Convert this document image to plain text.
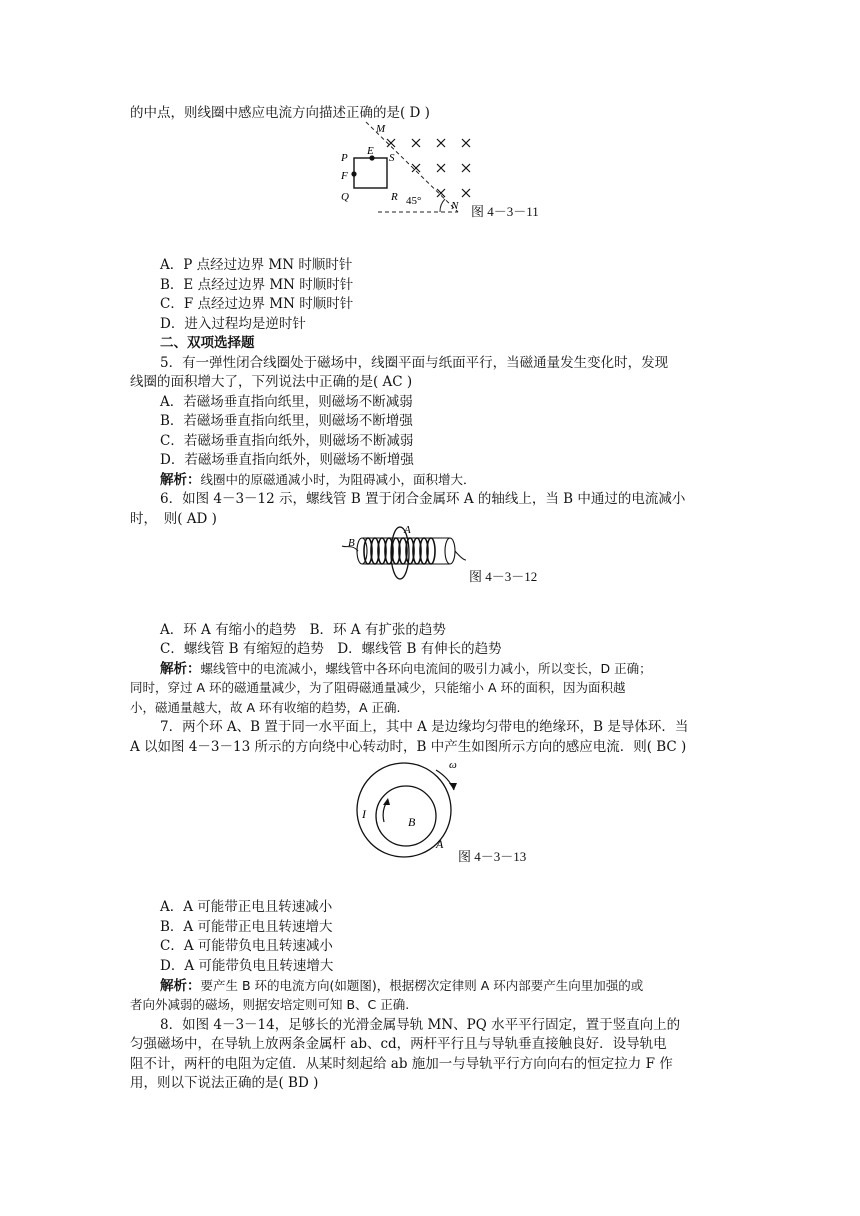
的中点，则线圈中感应电流方向描述正确的是( D )
M
E
S
P
F
Q	R
N
45°
图 4－3－11
A．P 点经过边界 MN 时顺时针
B．E 点经过边界 MN 时顺时针
C．F 点经过边界 MN 时顺时针
D．进入过程均是逆时针
二、双项选择题
5．有一弹性闭合线圈处于磁场中，线圈平面与纸面平行，当磁通量发生变化时，发现
线圈的面积增大了，下列说法中正确的是( AC )
A．若磁场垂直指向纸里，则磁场不断减弱
B．若磁场垂直指向纸里，则磁场不断增强
C．若磁场垂直指向纸外，则磁场不断减弱
D．若磁场垂直指向纸外，则磁场不断增强
解析：线圈中的原磁通减小时，为阻碍减小，面积增大．
6．如图 4－3－12 示，螺线管 B 置于闭合金属环 A 的轴线上，当 B 中通过的电流减小
时，　则( AD )
A
B
图 4－3－12
A．环 A 有缩小的趋势　B．环 A 有扩张的趋势
C．螺线管 B 有缩短的趋势　D．螺线管 B 有伸长的趋势
解析：螺线管中的电流减小，螺线管中各环向电流间的吸引力减小，所以变长，D 正确；
同时，穿过 A 环的磁通量减少，为了阻碍磁通量减少，只能缩小 A 环的面积，因为面积越
小，磁通量越大，故 A 环有收缩的趋势，A 正确.
7．两个环 A、B 置于同一水平面上，其中 A 是边缘均匀带电的绝缘环，B 是导体环．当
A 以如图 4－3－13 所示的方向绕中心转动时，B 中产生如图所示方向的感应电流．则( BC )
ω
I
B
A
图 4－3－13
A．A 可能带正电且转速减小
B．A 可能带正电且转速增大
C．A 可能带负电且转速减小
D．A 可能带负电且转速增大
解析：要产生 B 环的电流方向(如题图)，根据楞次定律则 A 环内部要产生向里加强的或
者向外减弱的磁场，则据安培定则可知 B、C 正确.
8．如图 4－3－14，足够长的光滑金属导轨 MN、PQ 水平平行固定，置于竖直向上的
匀强磁场中，在导轨上放两条金属杆 ab、cd，两杆平行且与导轨垂直接触良好．设导轨电
阻不计，两杆的电阻为定值．从某时刻起给 ab 施加一与导轨平行方向向右的恒定拉力 F 作
用，则以下说法正确的是( BD )
